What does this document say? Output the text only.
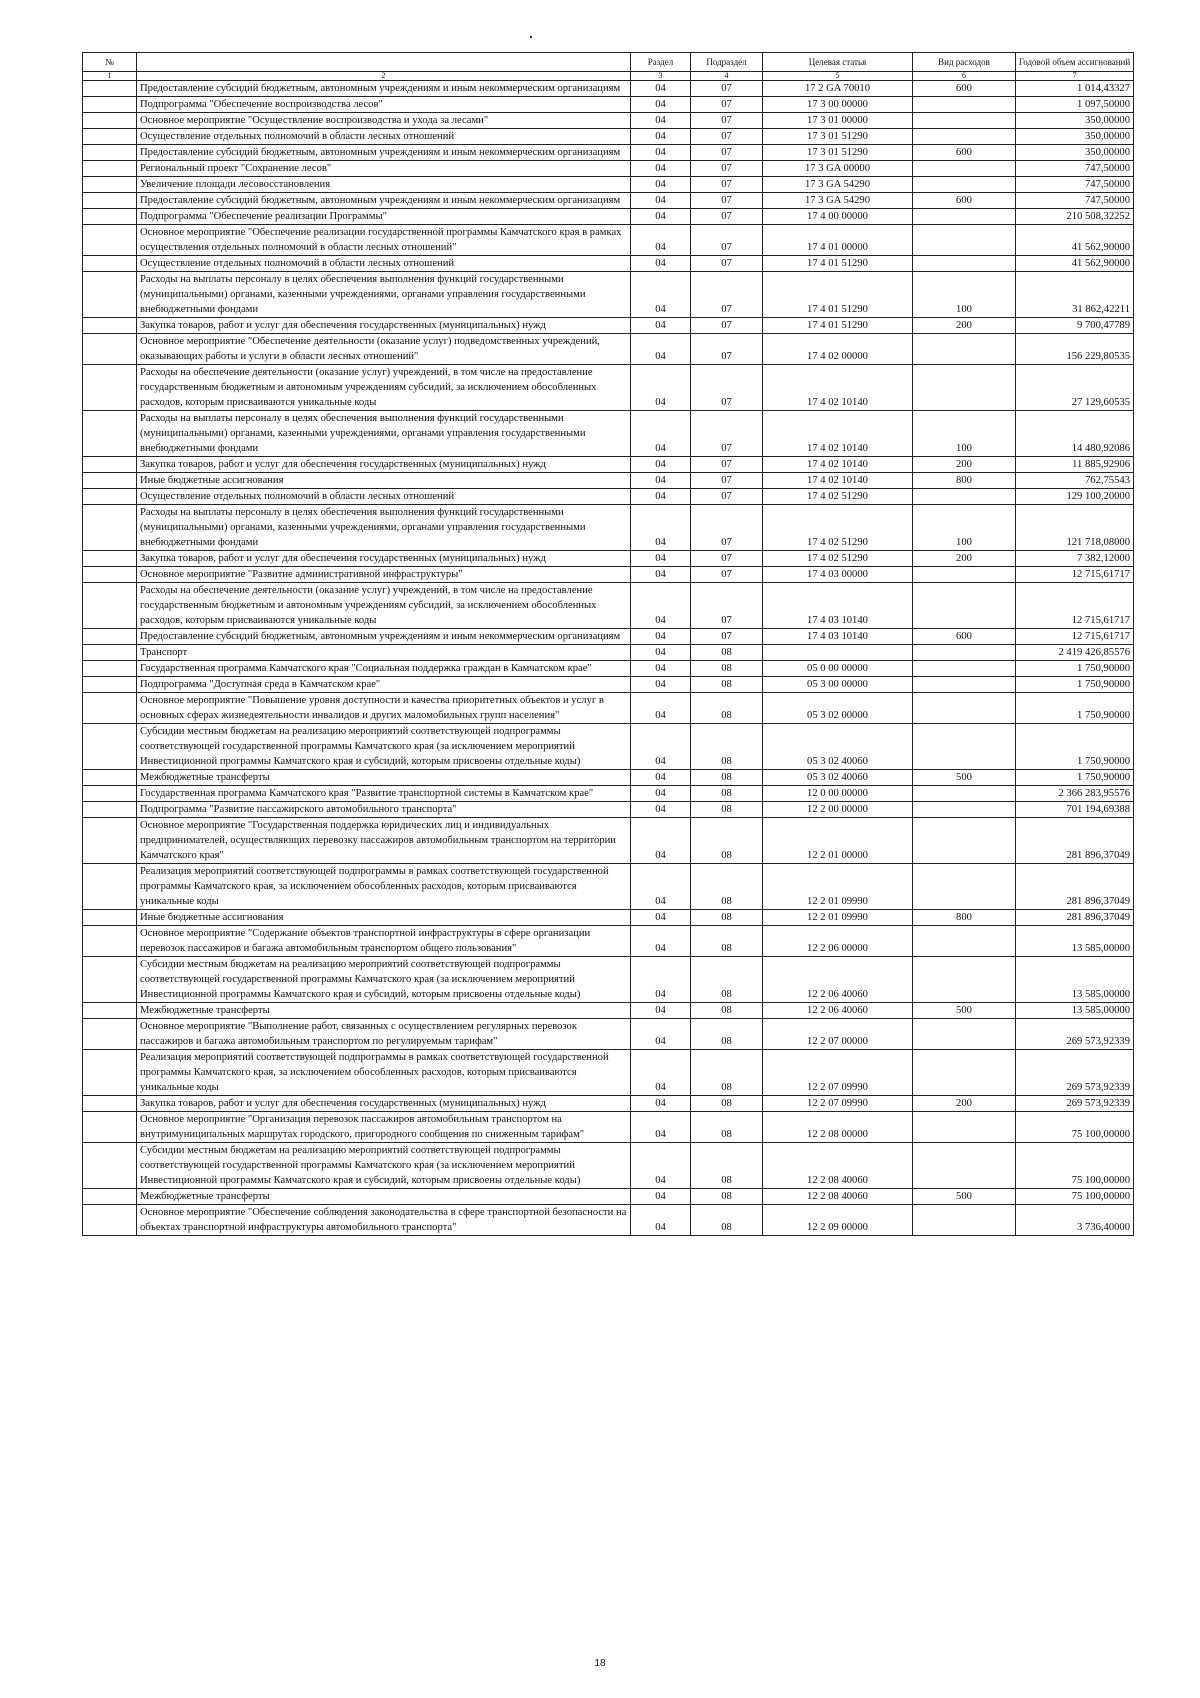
№		Раздел	Подраздел	Целевая статья	Вид расходов	Годовой объем ассигнований
1	2	3	4	5	6	7
	Предоставление субсидий бюджетным, автономным учреждениям и иным некоммерческим организациям	04	07	17 2 GA 70010	600	1 014,43327
	Подпрограмма "Обеспечение воспроизводства лесов"	04	07	17 3 00 00000		1 097,50000
	Основное мероприятие "Осуществление воспроизводства и ухода за лесами"	04	07	17 3 01 00000		350,00000
	Осуществление отдельных полномочий в области лесных отношений	04	07	17 3 01 51290		350,00000
	Предоставление субсидий бюджетным, автономным учреждениям и иным некоммерческим организациям	04	07	17 3 01 51290	600	350,00000
	Региональный проект "Сохранение лесов"	04	07	17 3 GA 00000		747,50000
	Увеличение площади лесовосстановления	04	07	17 3 GA 54290		747,50000
	Предоставление субсидий бюджетным, автономным учреждениям и иным некоммерческим организациям	04	07	17 3 GA 54290	600	747,50000
	Подпрограмма "Обеспечение реализации Программы"	04	07	17 4 00 00000		210 508,32252
	Основное мероприятие "Обеспечение реализации государственной программы Камчатского края в рамках осуществления отдельных полномочий в области лесных отношений"	04	07	17 4 01 00000		41 562,90000
	Осуществление отдельных полномочий в области лесных отношений	04	07	17 4 01 51290		41 562,90000
	Расходы на выплаты персоналу в целях обеспечения выполнения функций государственными (муниципальными) органами, казенными учреждениями, органами управления государственными внебюджетными фондами	04	07	17 4 01 51290	100	31 862,42211
	Закупка товаров, работ и услуг для обеспечения государственных (муниципальных) нужд	04	07	17 4 01 51290	200	9 700,47789
	Основное мероприятие "Обеспечение деятельности (оказание услуг) подведомственных учреждений, оказывающих работы и услуги в области лесных отношений"	04	07	17 4 02 00000		156 229,80535
	Расходы на обеспечение деятельности (оказание услуг) учреждений, в том числе на предоставление государственным бюджетным и автономным учреждениям субсидий, за исключением обособленных расходов, которым присваиваются уникальные коды	04	07	17 4 02 10140		27 129,60535
	Расходы на выплаты персоналу в целях обеспечения выполнения функций государственными (муниципальными) органами, казенными учреждениями, органами управления государственными внебюджетными фондами	04	07	17 4 02 10140	100	14 480,92086
	Закупка товаров, работ и услуг для обеспечения государственных (муниципальных) нужд	04	07	17 4 02 10140	200	11 885,92906
	Иные бюджетные ассигнования	04	07	17 4 02 10140	800	762,75543
	Осуществление отдельных полномочий в области лесных отношений	04	07	17 4 02 51290		129 100,20000
	Расходы на выплаты персоналу в целях обеспечения выполнения функций государственными (муниципальными) органами, казенными учреждениями, органами управления государственными внебюджетными фондами	04	07	17 4 02 51290	100	121 718,08000
	Закупка товаров, работ и услуг для обеспечения государственных (муниципальных) нужд	04	07	17 4 02 51290	200	7 382,12000
	Основное мероприятие "Развитие административной инфраструктуры"	04	07	17 4 03 00000		12 715,61717
	Расходы на обеспечение деятельности (оказание услуг) учреждений, в том числе на предоставление государственным бюджетным и автономным учреждениям субсидий, за исключением обособленных расходов, которым присваиваются уникальные коды	04	07	17 4 03 10140		12 715,61717
	Предоставление субсидий бюджетным, автономным учреждениям и иным некоммерческим организациям	04	07	17 4 03 10140	600	12 715,61717
	Транспорт	04	08			2 419 426,85576
	Государственная программа Камчатского края "Социальная поддержка граждан в Камчатском крае"	04	08	05 0 00 00000		1 750,90000
	Подпрограмма "Доступная среда в Камчатском крае"	04	08	05 3 00 00000		1 750,90000
	Основное мероприятие "Повышение уровня доступности и качества приоритетных объектов и услуг в основных сферах жизнедеятельности инвалидов и других маломобильных групп населения"	04	08	05 3 02 00000		1 750,90000
	Субсидии местным бюджетам на реализацию мероприятий соответствующей подпрограммы соответствующей государственной программы Камчатского края (за исключением мероприятий Инвестиционной программы Камчатского края и субсидий, которым присвоены отдельные коды)	04	08	05 3 02 40060		1 750,90000
	Межбюджетные трансферты	04	08	05 3 02 40060	500	1 750,90000
	Государственная программа Камчатского края "Развитие транспортной системы в Камчатском крае"	04	08	12 0 00 00000		2 366 283,95576
	Подпрограмма "Развитие пассажирского автомобильного транспорта"	04	08	12 2 00 00000		701 194,69388
	Основное мероприятие "Государственная поддержка юридических лиц и индивидуальных предпринимателей, осуществляющих перевозку пассажиров автомобильным транспортом на территории Камчатского края"	04	08	12 2 01 00000		281 896,37049
	Реализация мероприятий соответствующей подпрограммы в рамках соответствующей государственной программы Камчатского края, за исключением обособленных расходов, которым присваиваются уникальные коды	04	08	12 2 01 09990		281 896,37049
	Иные бюджетные ассигнования	04	08	12 2 01 09990	800	281 896,37049
	Основное мероприятие "Содержание объектов транспортной инфраструктуры в сфере организации перевозок пассажиров и багажа автомобильным транспортом общего пользования"	04	08	12 2 06 00000		13 585,00000
	Субсидии местным бюджетам на реализацию мероприятий соответствующей подпрограммы соответствующей государственной программы Камчатского края (за исключением мероприятий Инвестиционной программы Камчатского края и субсидий, которым присвоены отдельные коды)	04	08	12 2 06 40060		13 585,00000
	Межбюджетные трансферты	04	08	12 2 06 40060	500	13 585,00000
	Основное мероприятие "Выполнение работ, связанных с осуществлением регулярных перевозок пассажиров и багажа автомобильным транспортом по регулируемым тарифам"	04	08	12 2 07 00000		269 573,92339
	Реализация мероприятий соответствующей подпрограммы в рамках соответствующей государственной программы Камчатского края, за исключением обособленных расходов, которым присваиваются уникальные коды	04	08	12 2 07 09990		269 573,92339
	Закупка товаров, работ и услуг для обеспечения государственных (муниципальных) нужд	04	08	12 2 07 09990	200	269 573,92339
	Основное мероприятие "Организация перевозок пассажиров автомобильным транспортом на внутримуниципальных маршрутах городского, пригородного сообщения по сниженным тарифам"	04	08	12 2 08 00000		75 100,00000
	Субсидии местным бюджетам на реализацию мероприятий соответствующей подпрограммы соответствующей государственной программы Камчатского края (за исключением мероприятий Инвестиционной программы Камчатского края и субсидий, которым присвоены отдельные коды)	04	08	12 2 08 40060		75 100,00000
	Межбюджетные трансферты	04	08	12 2 08 40060	500	75 100,00000
	Основное мероприятие "Обеспечение соблюдения законодательства в сфере транспортной безопасности на объектах транспортной инфраструктуры автомобильного транспорта"	04	08	12 2 09 00000		3 736,40000
18
